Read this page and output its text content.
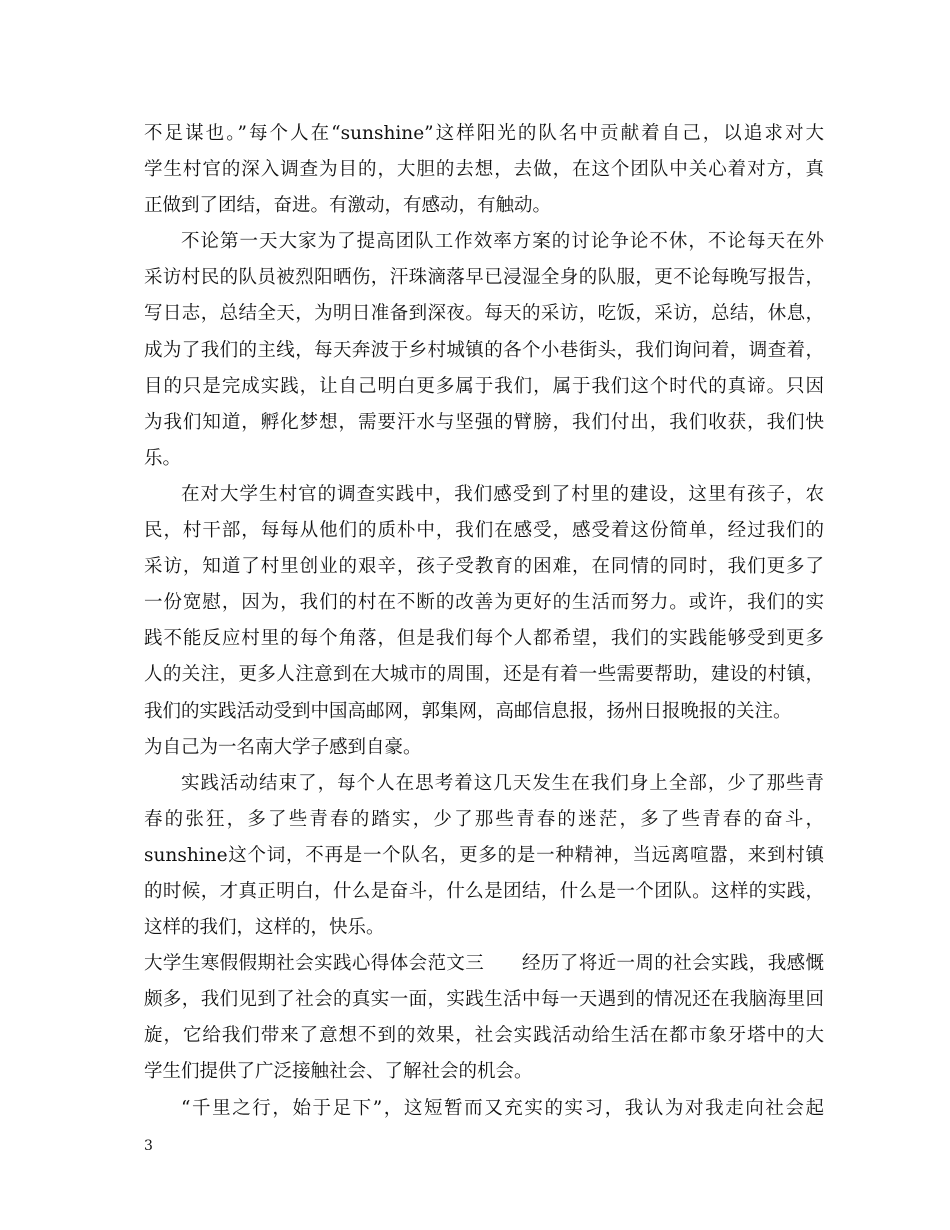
不足谋也。”每个人在“sunshine”这样阳光的队名中贡献着自己，以追求对大
学生村官的深入调查为目的，大胆的去想，去做，在这个团队中关心着对方，真
正做到了团结，奋进。有激动，有感动，有触动。
不论第一天大家为了提高团队工作效率方案的讨论争论不休，不论每天在外
采访村民的队员被烈阳晒伤，汗珠滴落早已浸湿全身的队服，更不论每晚写报告，
写日志，总结全天，为明日准备到深夜。每天的采访，吃饭，采访，总结，休息，
成为了我们的主线，每天奔波于乡村城镇的各个小巷街头，我们询问着，调查着，
目的只是完成实践，让自己明白更多属于我们，属于我们这个时代的真谛。只因
为我们知道，孵化梦想，需要汗水与坚强的臂膀，我们付出，我们收获，我们快
乐。
在对大学生村官的调查实践中，我们感受到了村里的建设，这里有孩子，农
民，村干部，每每从他们的质朴中，我们在感受，感受着这份简单，经过我们的
采访，知道了村里创业的艰辛，孩子受教育的困难，在同情的同时，我们更多了
一份宽慰，因为，我们的村在不断的改善为更好的生活而努力。或许，我们的实
践不能反应村里的每个角落，但是我们每个人都希望，我们的实践能够受到更多
人的关注，更多人注意到在大城市的周围，还是有着一些需要帮助，建设的村镇，
我们的实践活动受到中国高邮网，郭集网，高邮信息报，扬州日报晚报的关注。
为自己为一名南大学子感到自豪。
实践活动结束了，每个人在思考着这几天发生在我们身上全部，少了那些青
春的张狂，多了些青春的踏实，少了那些青春的迷茫，多了些青春的奋斗，
sunshine这个词，不再是一个队名，更多的是一种精神，当远离喧嚣，来到村镇
的时候，才真正明白，什么是奋斗，什么是团结，什么是一个团队。这样的实践，
这样的我们，这样的，快乐。
大学生寒假假期社会实践心得体会范文三　　经历了将近一周的社会实践，我感慨
颇多，我们见到了社会的真实一面，实践生活中每一天遇到的情况还在我脑海里回
旋，它给我们带来了意想不到的效果，社会实践活动给生活在都市象牙塔中的大
学生们提供了广泛接触社会、了解社会的机会。
“千里之行，始于足下”，这短暂而又充实的实习，我认为对我走向社会起
3
